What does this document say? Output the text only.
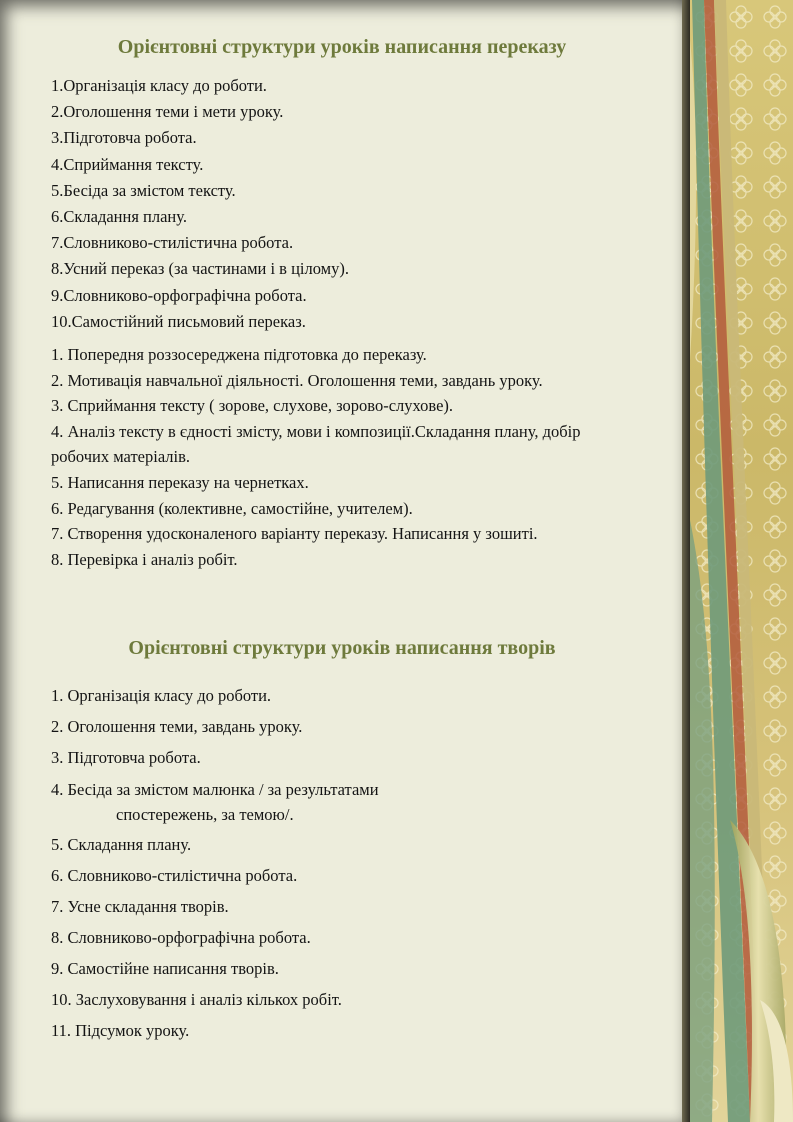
Орієнтовні структури уроків написання переказу
1.Організація класу до роботи.
2.Оголошення теми і мети уроку.
3.Підготовча робота.
4.Сприймання тексту.
5.Бесіда за змістом тексту.
6.Складання плану.
7.Словниково-стилістична робота.
8.Усний переказ (за частинами і в цілому).
9.Словниково-орфографічна робота.
10.Самостійний письмовий переказ.
1. Попередня роззосереджена підготовка до переказу.
2. Мотивація навчальної діяльності. Оголошення теми, завдань уроку.
3. Сприймання тексту ( зорове, слухове, зорово-слухове).
4. Аналіз тексту в єдності змісту, мови і композиції.Складання плану, добір робочих матеріалів.
5. Написання переказу на чернетках.
6. Редагування (колективне, самостійне, учителем).
7. Створення удосконаленого варіанту переказу. Написання у зошиті.
8. Перевірка і аналіз робіт.
Орієнтовні структури уроків написання творів
1. Організація класу до роботи.
2. Оголошення теми, завдань уроку.
3. Підготовча робота.
4. Бесіда за змістом малюнка / за результатами
спостережень, за темою/.
5. Складання плану.
6. Словниково-стилістична робота.
7. Усне складання творів.
8. Словниково-орфографічна робота.
9. Самостійне написання творів.
10. Заслуховування і аналіз кількох робіт.
11. Підсумок уроку.
